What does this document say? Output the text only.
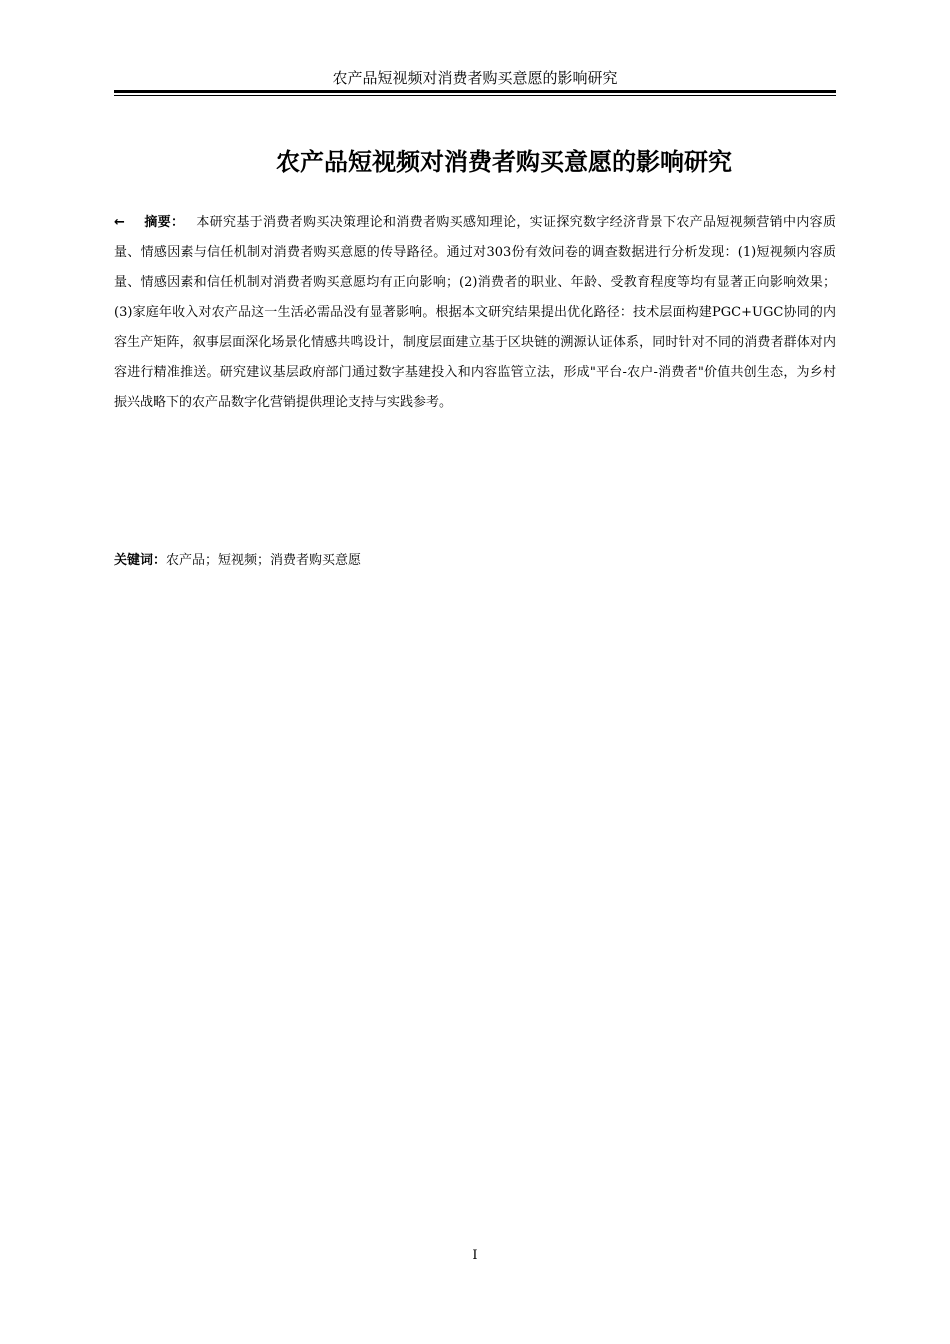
农产品短视频对消费者购买意愿的影响研究
农产品短视频对消费者购买意愿的影响研究
← 摘要： 本研究基于消费者购买决策理论和消费者购买感知理论，实证探究数字经济背景下农产品短视频营销中内容质量、情感因素与信任机制对消费者购买意愿的传导路径。通过对303份有效问卷的调查数据进行分析发现：(1)短视频内容质量、情感因素和信任机制对消费者购买意愿均有正向影响；(2)消费者的职业、年龄、受教育程度等均有显著正向影响效果；(3)家庭年收入对农产品这一生活必需品没有显著影响。根据本文研究结果提出优化路径：技术层面构建PGC+UGC协同的内容生产矩阵，叙事层面深化场景化情感共鸣设计，制度层面建立基于区块链的溯源认证体系，同时针对不同的消费者群体对内容进行精准推送。研究建议基层政府部门通过数字基建投入和内容监管立法，形成"平台-农户-消费者"价值共创生态，为乡村振兴战略下的农产品数字化营销提供理论支持与实践参考。
关键词：农产品；短视频；消费者购买意愿
I
